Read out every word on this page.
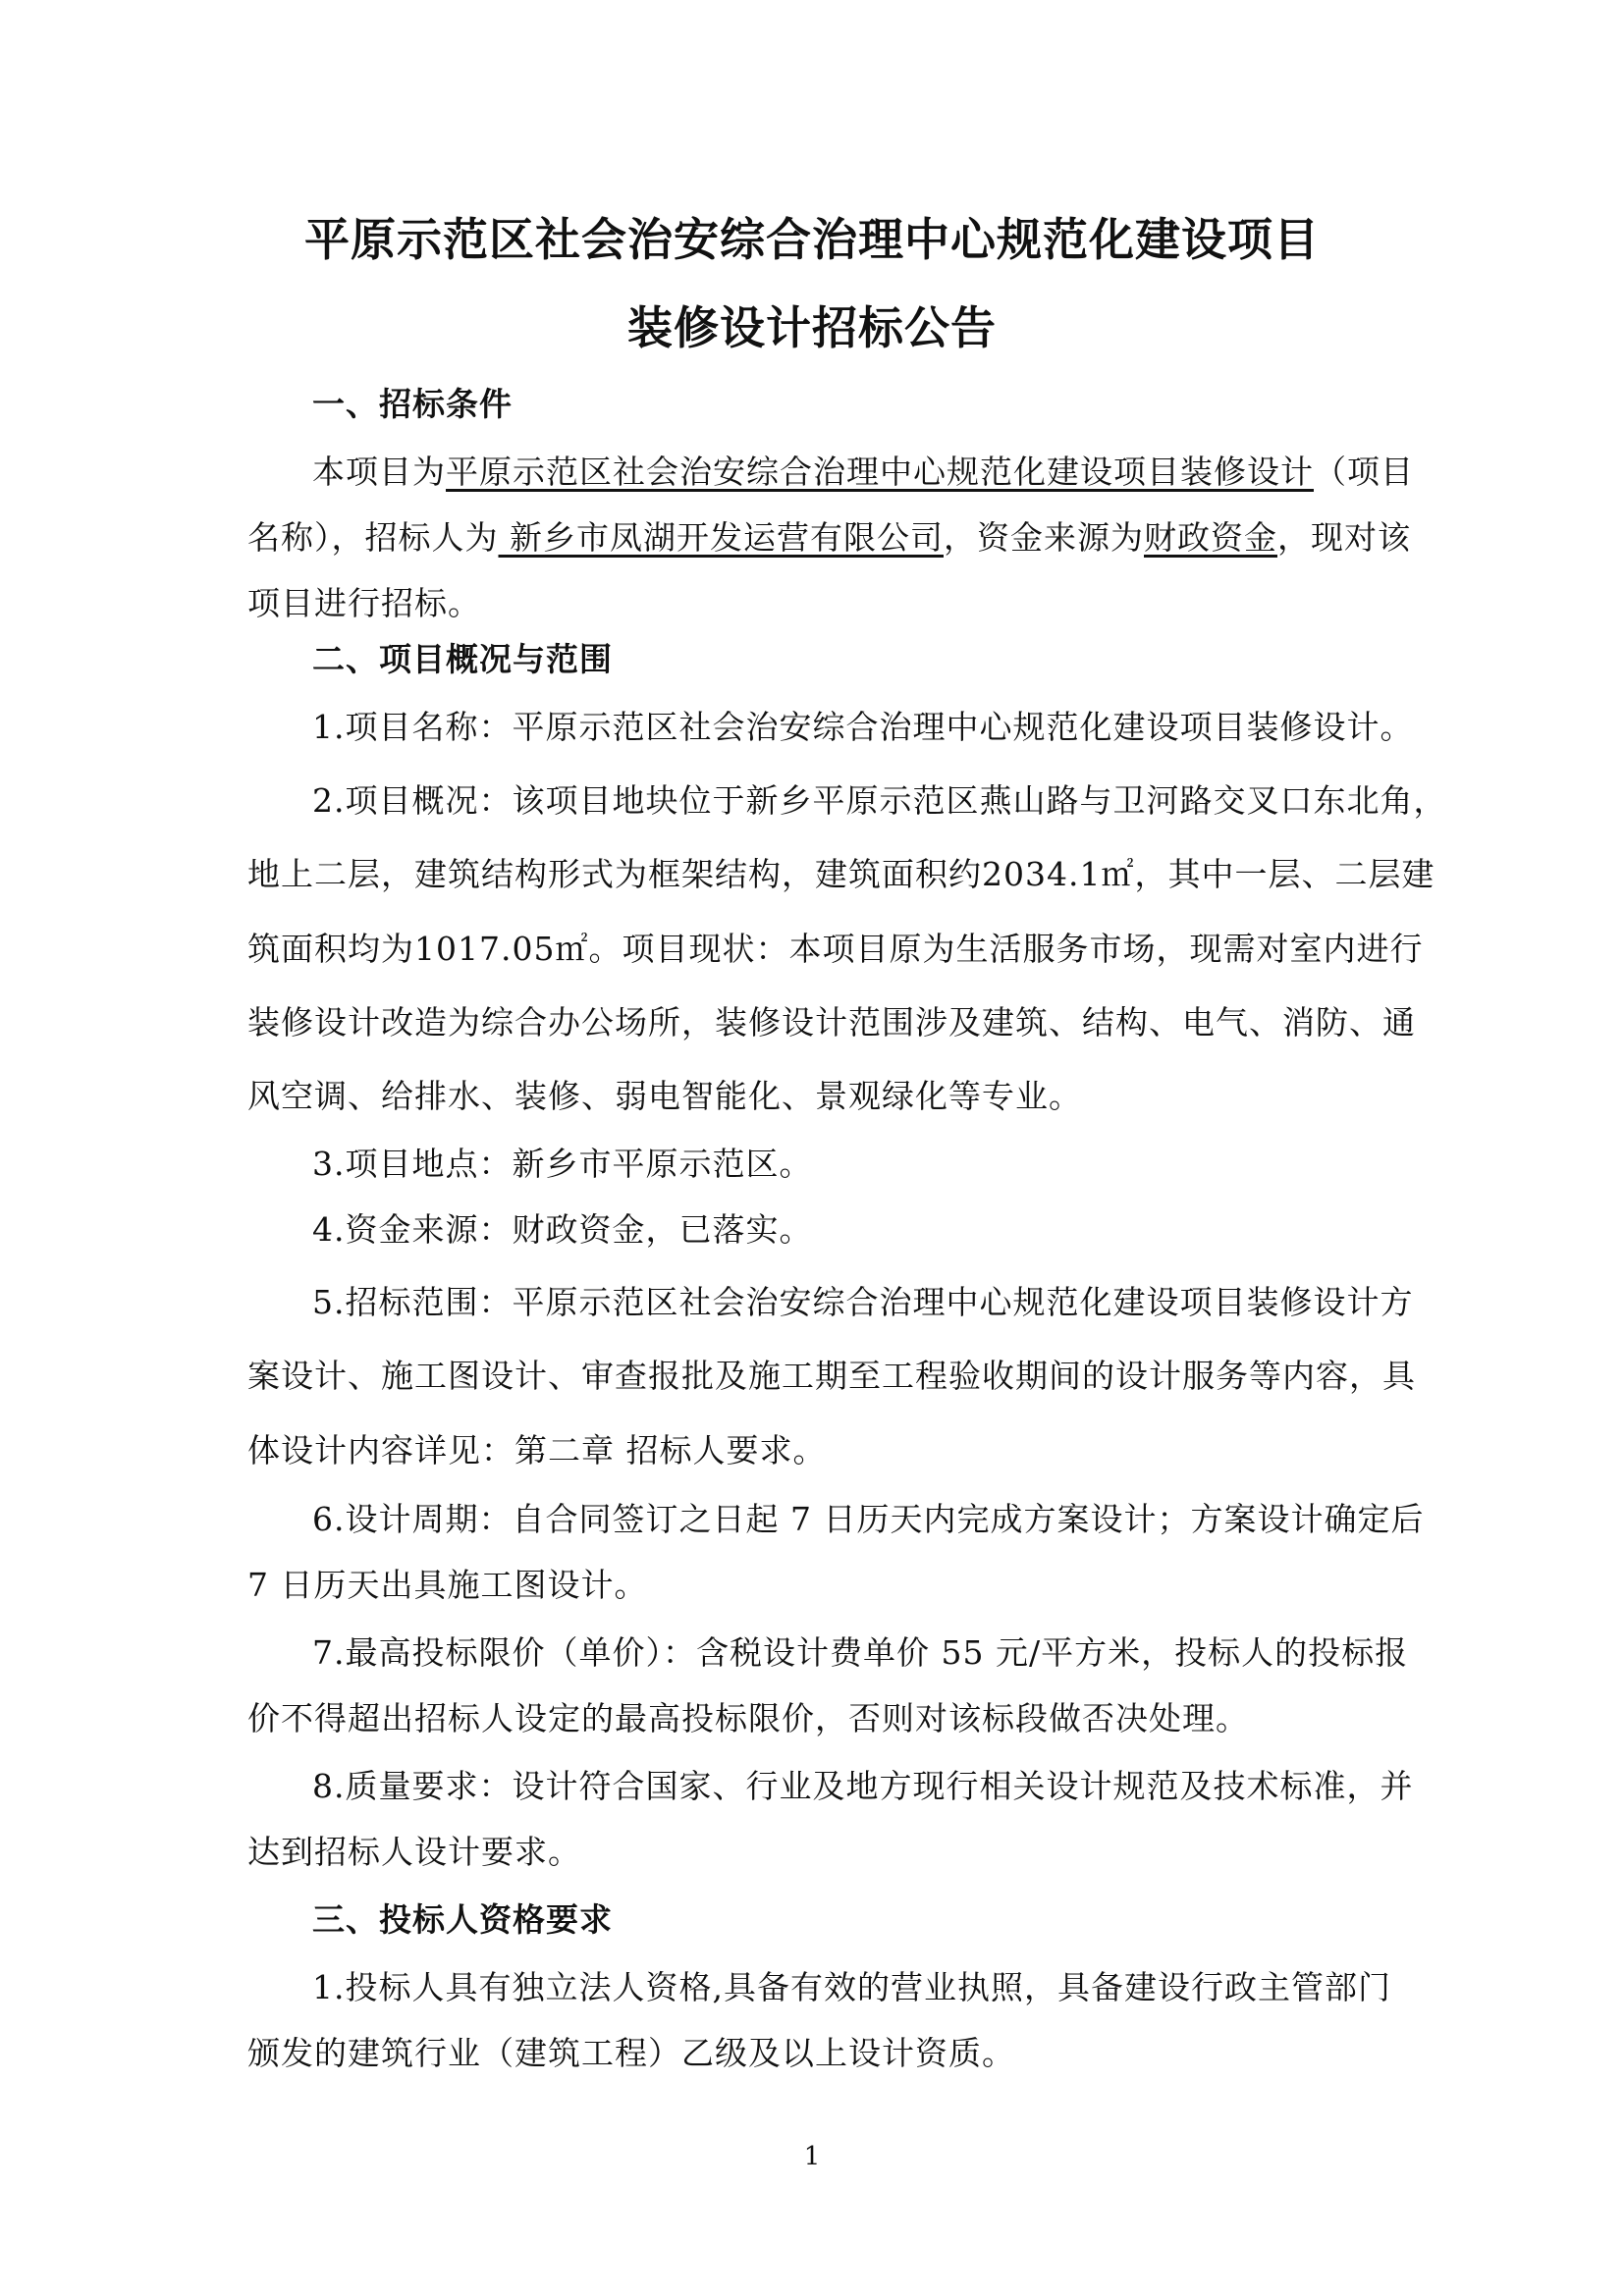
平原示范区社会治安综合治理中心规范化建设项目
装修设计招标公告
一、招标条件
本项目为平原示范区社会治安综合治理中心规范化建设项目装修设计（项目
名称），招标人为 新乡市凤湖开发运营有限公司，资金来源为财政资金，现对该
项目进行招标。
二、项目概况与范围
1.项目名称：平原示范区社会治安综合治理中心规范化建设项目装修设计。
2.项目概况：该项目地块位于新乡平原示范区燕山路与卫河路交叉口东北角，
地上二层，建筑结构形式为框架结构，建筑面积约2034.1㎡，其中一层、二层建
筑面积均为1017.05㎡。项目现状：本项目原为生活服务市场，现需对室内进行
装修设计改造为综合办公场所，装修设计范围涉及建筑、结构、电气、消防、通
风空调、给排水、装修、弱电智能化、景观绿化等专业。
3.项目地点：新乡市平原示范区。
4.资金来源：财政资金，已落实。
5.招标范围：平原示范区社会治安综合治理中心规范化建设项目装修设计方
案设计、施工图设计、审查报批及施工期至工程验收期间的设计服务等内容，具
体设计内容详见：第二章 招标人要求。
6.设计周期：自合同签订之日起 7 日历天内完成方案设计；方案设计确定后
7 日历天出具施工图设计。
7.最高投标限价（单价）：含税设计费单价 55 元/平方米，投标人的投标报
价不得超出招标人设定的最高投标限价，否则对该标段做否决处理。
8.质量要求：设计符合国家、行业及地方现行相关设计规范及技术标准，并
达到招标人设计要求。
三、投标人资格要求
1.投标人具有独立法人资格,具备有效的营业执照，具备建设行政主管部门
颁发的建筑行业（建筑工程）乙级及以上设计资质。
1
